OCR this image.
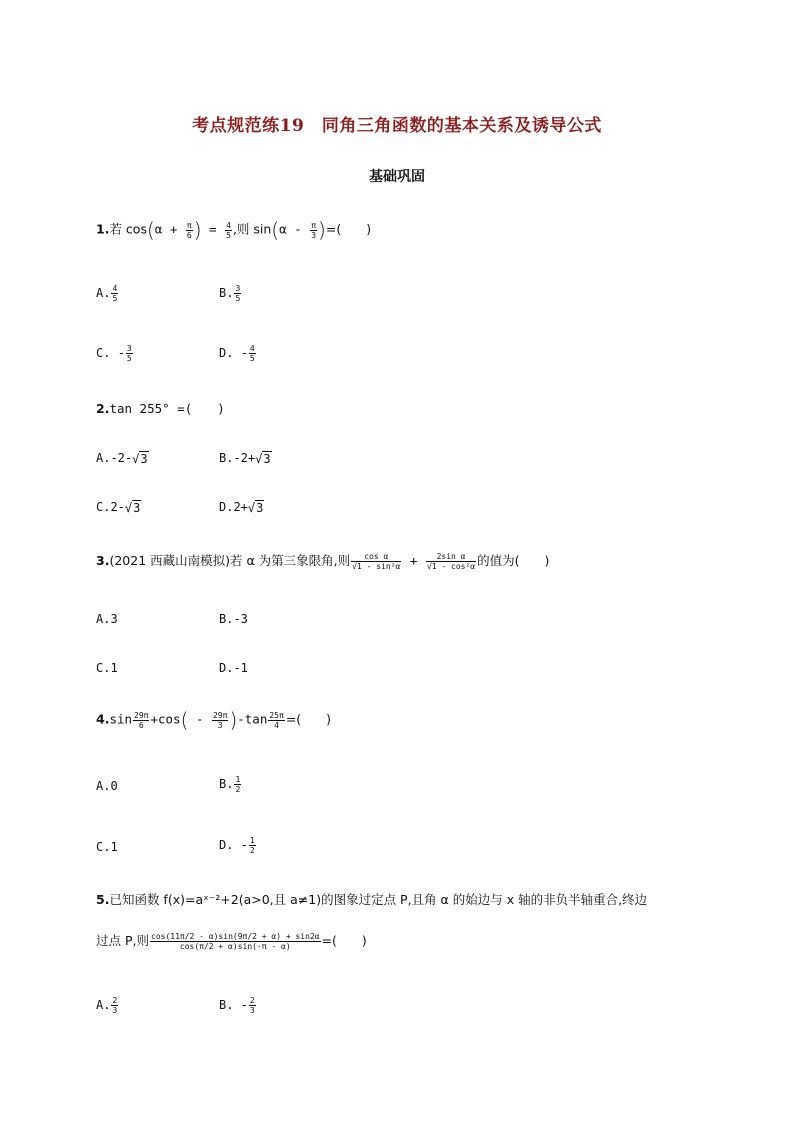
考点规范练19　同角三角函数的基本关系及诱导公式
基础巩固
1.若 $\cos(\alpha + \frac{\pi}{6}$ ) = $\frac{4}{5}$ ,则 $\sin(\alpha - \frac{\pi}{3}$ )=(　　)
A. $\frac{4}{5}$	B. $\frac{3}{5}$
C. - $\frac{3}{5}$	D. - $\frac{4}{5}$
2.tan 255° =(　　)
A.-2-√3	B.-2+√3
C.2-√3	D.2+√3
3.(2021 西藏山南模拟)若 α 为第三象限角,则 $\frac{\text{cos α}}{\text{√1 - sin²α}} + \frac{\text{2sin α}}{\text{√1 - cos²α}}$ 的值为(　　)
A.3	B.-3
C.1	D.-1
$4.\sin \frac{29\pi}{6} +\cos( - \frac{29\pi}{3} )-\tan \frac{25\pi}{4}$ =(　　)
A.0	B. $\frac{1}{2}$
C.1	D. - $\frac{1}{2}$
5.已知函数 f(x)=aˣ⁻²+2(a>0,且 a≠1)的图象过定点 P,且角 α 的始边与 x 轴的非负半轴重合,终边
过点 P,则 $\frac{\cos(11\pi/2 - \alpha)\sin(9\pi/2 + \alpha) + \sin 2\alpha}{\cos(\pi/2 + \alpha)\sin(-\pi - \alpha)}$ =(　　)
A. $\frac{2}{3}$	B. - $\frac{2}{3}$
